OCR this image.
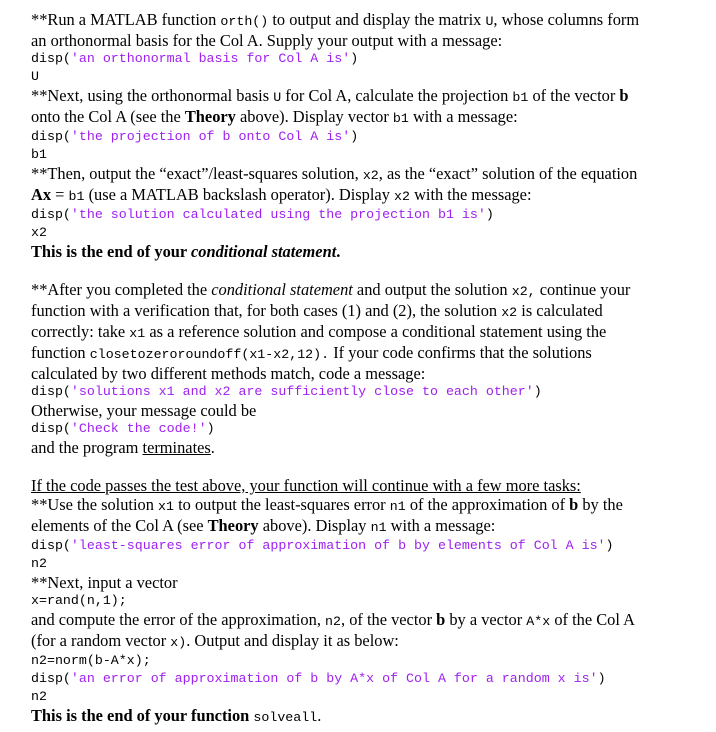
**Run a MATLAB function orth() to output and display the matrix U, whose columns form

an orthonormal basis for the Col A. Supply your output with a message:

disp('an orthonormal basis for Col A is')

U

**Next, using the orthonormal basis U for Col A, calculate the projection b1 of the vector b

onto the Col A (see the Theory above). Display vector b1 with a message:

disp('the projection of b onto Col A is')

b1

**Then, output the “exact”/least-squares solution, x2, as the “exact” solution of the equation

Ax = b1 (use a MATLAB backslash operator). Display x2 with the message:

disp('the solution calculated using the projection b1 is')

x2

This is the end of your conditional statement.

**After you completed the conditional statement and output the solution x2, continue your

function with a verification that, for both cases (1) and (2), the solution x2 is calculated

correctly: take x1 as a reference solution and compose a conditional statement using the

function closetozeroroundoff(x1-x2,12). If your code confirms that the solutions

calculated by two different methods match, code a message:

disp('solutions x1 and x2 are sufficiently close to each other')

Otherwise, your message could be

disp('Check the code!')

and the program terminates.

If the code passes the test above, your function will continue with a few more tasks:

**Use the solution x1 to output the least-squares error n1 of the approximation of b by the

elements of the Col A (see Theory above). Display n1 with a message:

disp('least-squares error of approximation of b by elements of Col A is')

n2

**Next, input a vector

x=rand(n,1);

and compute the error of the approximation, n2, of the vector b by a vector A*x of the Col A

(for a random vector x). Output and display it as below:

n2=norm(b-A*x);

disp('an error of approximation of b by A*x of Col A for a random x is')

n2

This is the end of your function solveall.
